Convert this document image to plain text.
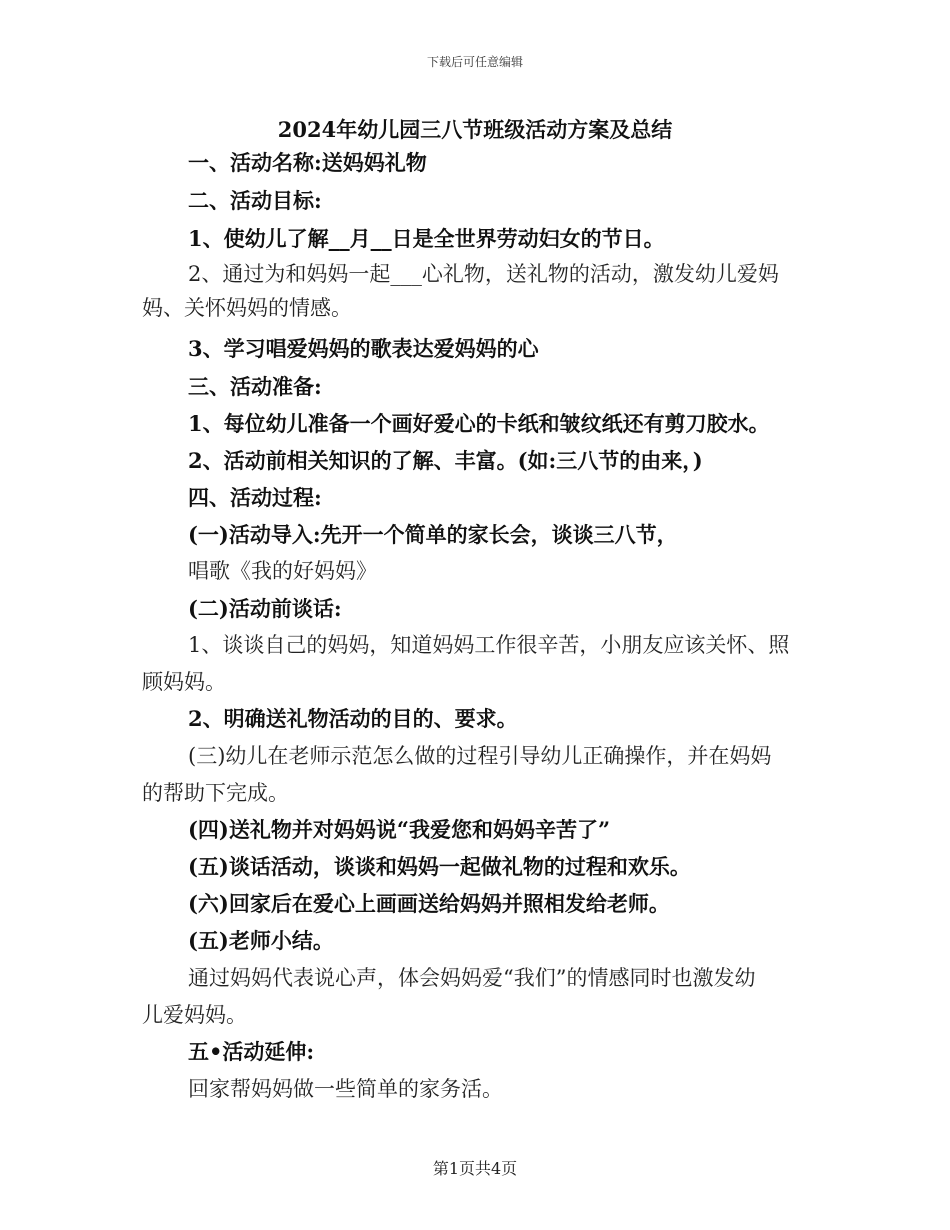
下载后可任意编辑
2024年幼儿园三八节班级活动方案及总结
一、活动名称:送妈妈礼物
二、活动目标:
1、使幼儿了解__月__日是全世界劳动妇女的节日。
2、通过为和妈妈一起___心礼物，送礼物的活动，激发幼儿爱妈
妈、关怀妈妈的情感。
3、学习唱爱妈妈的歌表达爱妈妈的心
三、活动准备:
1、每位幼儿准备一个画好爱心的卡纸和皱纹纸还有剪刀胶水。
2、活动前相关知识的了解、丰富。(如:三八节的由来，)
四、活动过程:
(一)活动导入:先开一个简单的家长会，谈谈三八节，
唱歌《我的好妈妈》
(二)活动前谈话:
1、谈谈自己的妈妈，知道妈妈工作很辛苦，小朋友应该关怀、照
顾妈妈。
2、明确送礼物活动的目的、要求。
(三)幼儿在老师示范怎么做的过程引导幼儿正确操作，并在妈妈
的帮助下完成。
(四)送礼物并对妈妈说“我爱您和妈妈辛苦了”
(五)谈话活动，谈谈和妈妈一起做礼物的过程和欢乐。
(六)回家后在爱心上画画送给妈妈并照相发给老师。
(五)老师小结。
通过妈妈代表说心声，体会妈妈爱“我们”的情感同时也激发幼
儿爱妈妈。
五•活动延伸:
回家帮妈妈做一些简单的家务活。
第1页共4页
